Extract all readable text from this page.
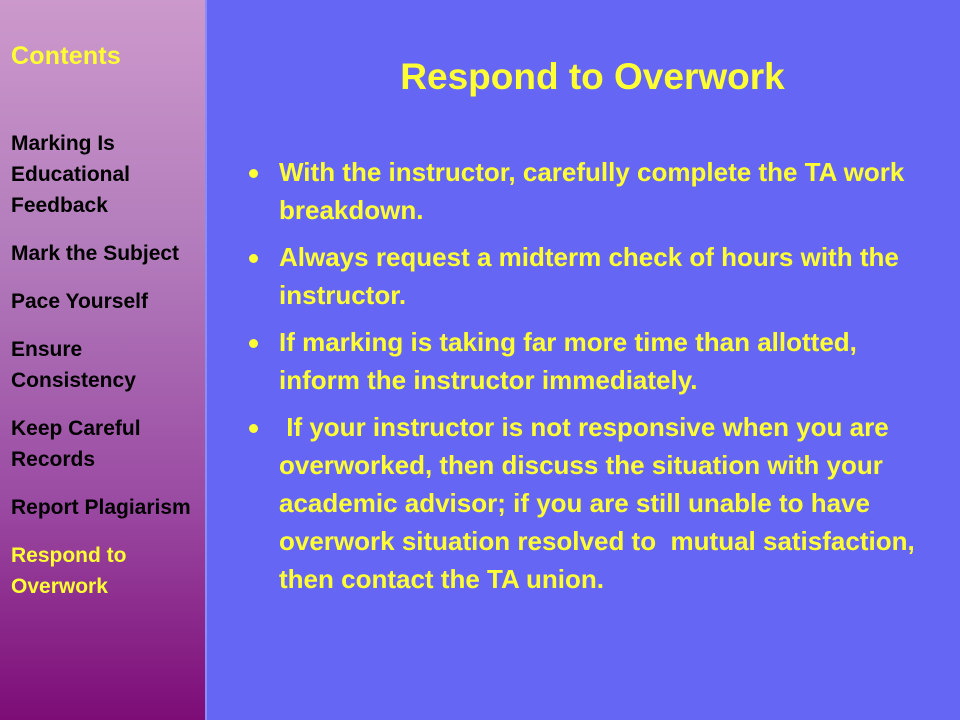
Contents
Marking Is Educational Feedback
Mark the Subject
Pace Yourself
Ensure Consistency
Keep Careful Records
Report Plagiarism
Respond to Overwork
Respond to Overwork
With the instructor, carefully complete the TA work breakdown.
Always request a midterm check of hours with the instructor.
If marking is taking far more time than allotted, inform the instructor immediately.
If your instructor is not responsive when you are overworked, then discuss the situation with your academic advisor; if you are still unable to have overwork situation resolved to  mutual satisfaction, then contact the TA union.
